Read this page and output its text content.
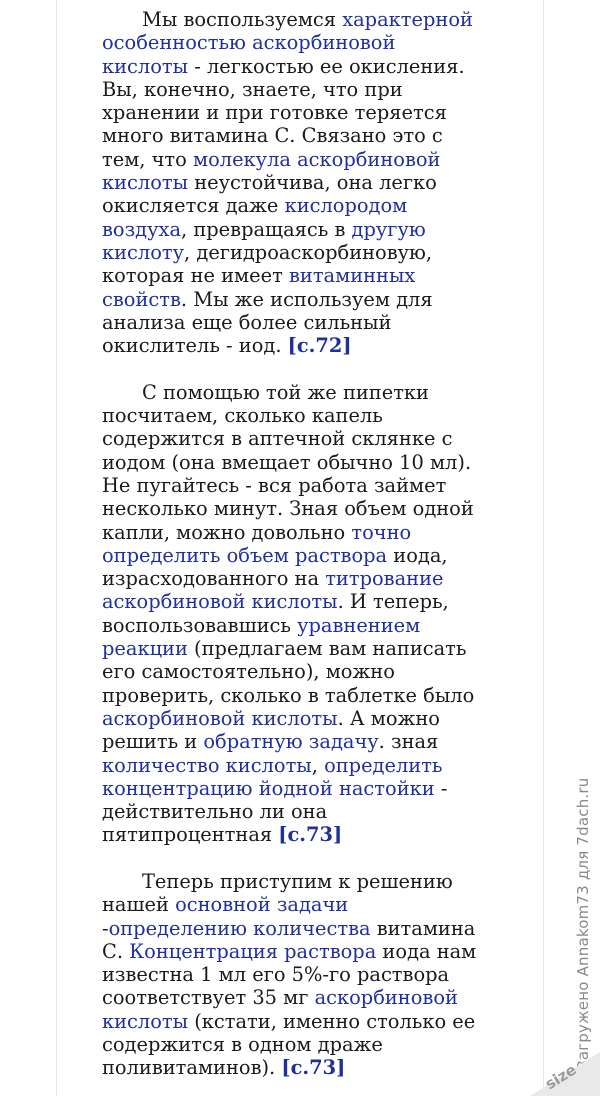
Мы воспользуемся характерной особенностью аскорбиновой кислоты - легкостью ее окисления. Вы, конечно, знаете, что при хранении и при готовке теряется много витамина С. Связано это с тем, что молекула аскорбиновой кислоты неустойчива, она легко окисляется даже кислородом воздуха, превращаясь в другую кислоту, дегидроаскорбиновую, которая не имеет витаминных свойств. Мы же используем для анализа еще более сильный окислитель - иод. [c.72]

С помощью той же пипетки посчитаем, сколько капель содержится в аптечной склянке с иодом (она вмещает обычно 10 мл). Не пугайтесь - вся работа займет несколько минут. Зная объем одной капли, можно довольно точно определить объем раствора иода, израсходованного на титрование аскорбиновой кислоты. И теперь, воспользовавшись уравнением реакции (предлагаем вам написать его самостоятельно), можно проверить, сколько в таблетке было аскорбиновой кислоты. А можно решить и обратную задачу. зная количество кислоты, определить концентрацию йодной настойки - действительно ли она пятипроцентная [c.73]

Теперь приступим к решению нашей основной задачи -определению количества витамина С. Концентрация раствора иода нам известна 1 мл его 5%-го раствора соответствует 35 мг аскорбиновой кислоты (кстати, именно столько ее содержится в одном драже поливитаминов). [c.73]	Загружено Annakom73 для 7dach.ru
size
